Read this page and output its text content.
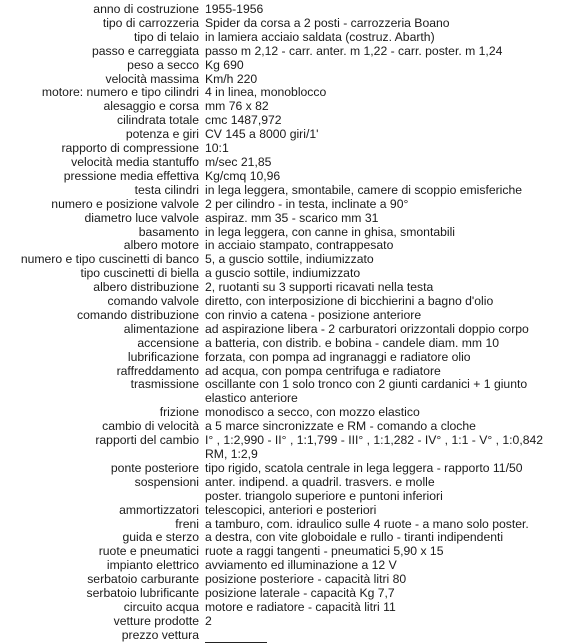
anno di costruzione 1955-1956
tipo di carrozzeria Spider da corsa a 2 posti - carrozzeria Boano
tipo di telaio in lamiera acciaio saldata (costruz. Abarth)
passo e carreggiata passo m 2,12 - carr. anter. m 1,22 - carr. poster. m 1,24
peso a secco Kg 690
velocità massima Km/h 220
motore: numero e tipo cilindri 4 in linea, monoblocco
alesaggio e corsa mm 76 x 82
cilindrata totale cmc 1487,972
potenza e giri CV 145 a 8000 giri/1'
rapporto di compressione 10:1
velocità media stantuffo m/sec 21,85
pressione media effettiva Kg/cmq 10,96
testa cilindri in lega leggera, smontabile, camere di scoppio emisferiche
numero e posizione valvole 2 per cilindro - in testa, inclinate a 90°
diametro luce valvole aspiraz. mm 35 - scarico mm 31
basamento in lega leggera, con canne in ghisa, smontabili
albero motore in acciaio stampato, contrappesato
numero e tipo cuscinetti di banco 5, a guscio sottile, indiumizzato
tipo cuscinetti di biella a guscio sottile, indiumizzato
albero distribuzione 2, ruotanti su 3 supporti ricavati nella testa
comando valvole diretto, con interposizione di bicchierini a bagno d'olio
comando distribuzione con rinvio a catena - posizione anteriore
alimentazione ad aspirazione libera - 2 carburatori orizzontali doppio corpo
accensione a batteria, con distrib. e bobina - candele diam. mm 10
lubrificazione forzata, con pompa ad ingranaggi e radiatore olio
raffreddamento ad acqua, con pompa centrifuga e radiatore
trasmissione oscillante con 1 solo tronco con 2 giunti cardanici + 1 giunto
elastico anteriore
frizione monodisco a secco, con mozzo elastico
cambio di velocità a 5 marce sincronizzate e RM - comando a cloche
rapporti del cambio I° , 1:2,990 - II° , 1:1,799 - III° , 1:1,282 - IV° , 1:1 - V° , 1:0,842
RM, 1:2,9
ponte posteriore tipo rigido, scatola centrale in lega leggera - rapporto 11/50
sospensioni anter. indipend. a quadril. trasvers. e molle
poster. triangolo superiore e puntoni inferiori
ammortizzatori telescopici, anteriori e posteriori
freni a tamburo, com. idraulico sulle 4 ruote - a mano solo poster.
guida e sterzo a destra, con vite globoidale e rullo - tiranti indipendenti
ruote e pneumatici ruote a raggi tangenti - pneumatici 5,90 x 15
impianto elettrico avviamento ed illuminazione a 12 V
serbatoio carburante posizione posteriore - capacità litri 80
serbatoio lubrificante posizione laterale - capacità Kg 7,7
circuito acqua motore e radiatore - capacità litri 11
vetture prodotte 2
prezzo vettura
